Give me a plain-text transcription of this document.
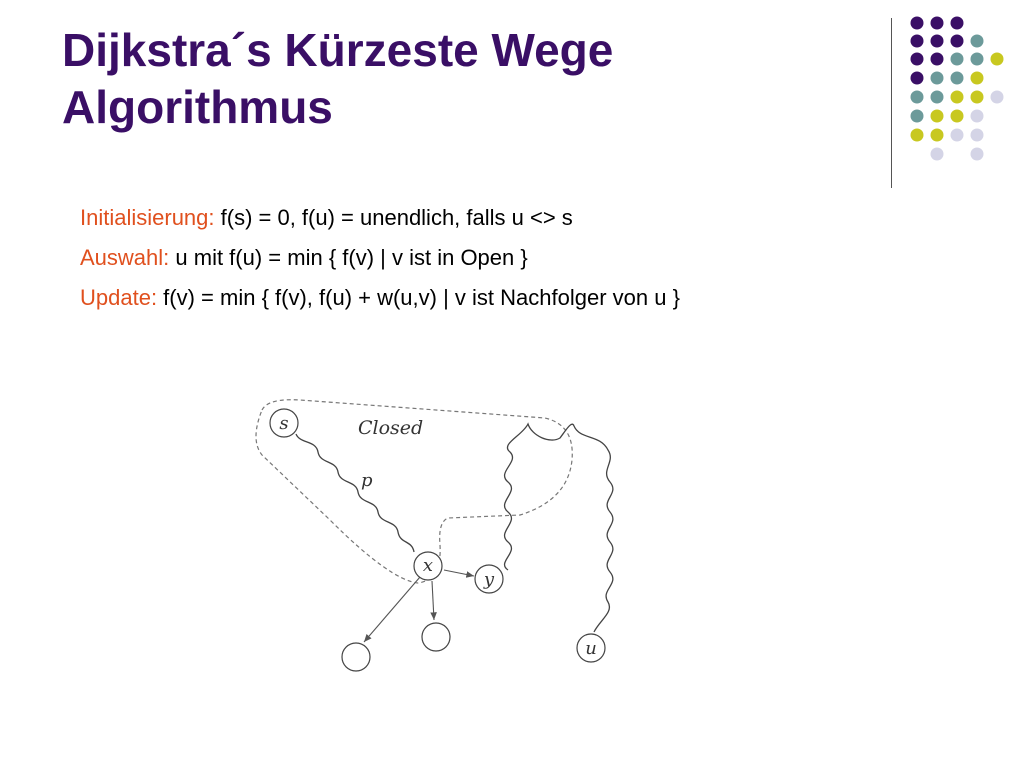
Dijkstra´s Kürzeste Wege
Algorithmus
Initialisierung: f(s) = 0, f(u) = unendlich, falls u <> s
Auswahl: u mit f(u) = min { f(v) | v ist in Open }
Update: f(v) = min { f(v), f(u) + w(u,v) | v ist Nachfolger von u }
s
x
y
u
Closed
p
